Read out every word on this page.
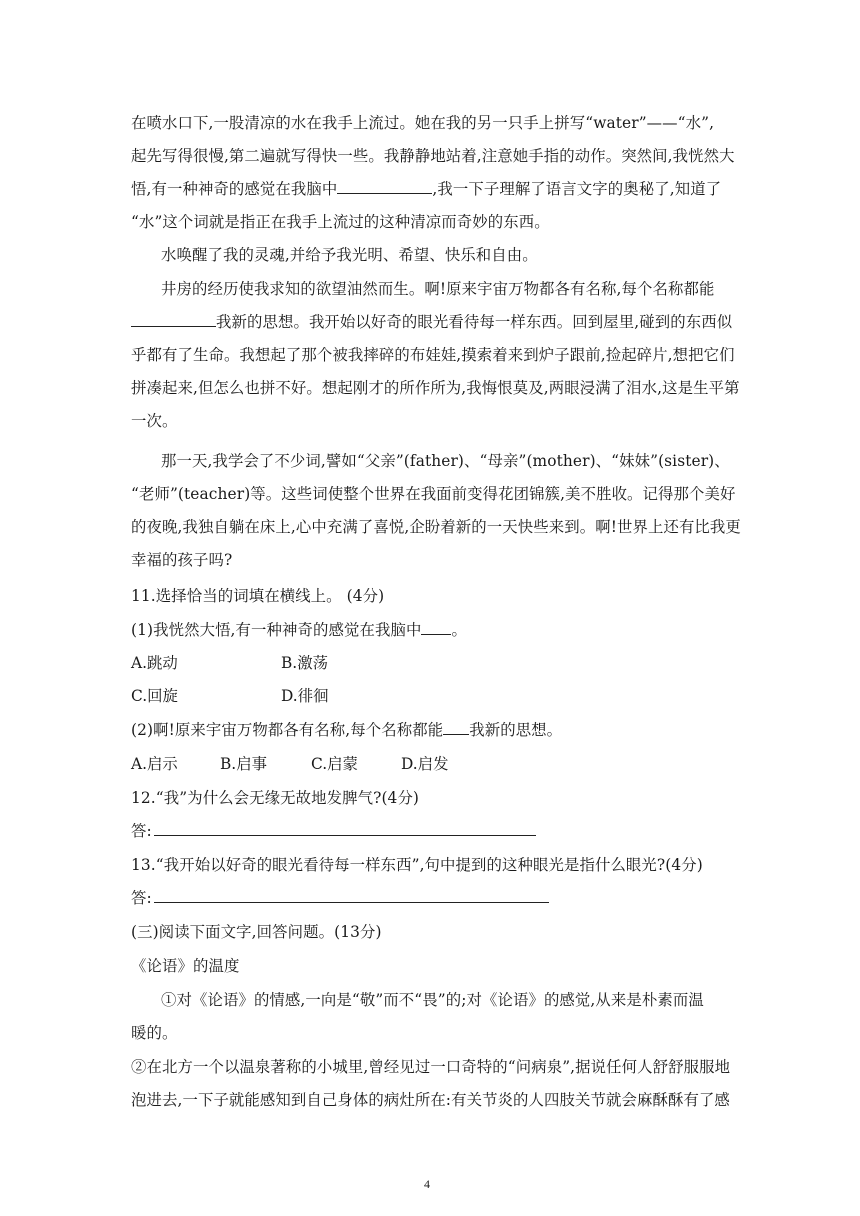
在喷水口下,一股清凉的水在我手上流过。她在我的另一只手上拼写“water”——“水”,
起先写得很慢,第二遍就写得快一些。我静静地站着,注意她手指的动作。突然间,我恍然大
悟,有一种神奇的感觉在我脑中	,我一下子理解了语言文字的奥秘了,知道了
“水”这个词就是指正在我手上流过的这种清凉而奇妙的东西。
水唤醒了我的灵魂,并给予我光明、希望、快乐和自由。
井房的经历使我求知的欲望油然而生。啊!原来宇宙万物都各有名称,每个名称都能
我新的思想。我开始以好奇的眼光看待每一样东西。回到屋里,碰到的东西似
乎都有了生命。我想起了那个被我摔碎的布娃娃,摸索着来到炉子跟前,捡起碎片,想把它们
拼凑起来,但怎么也拼不好。想起刚才的所作所为,我悔恨莫及,两眼浸满了泪水,这是生平第
一次。
那一天,我学会了不少词,譬如“父亲”(father)、“母亲”(mother)、“妹妹”(sister)、
“老师”(teacher)等。这些词使整个世界在我面前变得花团锦簇,美不胜收。记得那个美好
的夜晚,我独自躺在床上,心中充满了喜悦,企盼着新的一天快些来到。啊!世界上还有比我更
幸福的孩子吗?
11.选择恰当的词填在横线上。 (4分)
(1)我恍然大悟,有一种神奇的感觉在我脑中 。
A.跳动	B.激荡
C.回旋	D.徘徊
(2)啊!原来宇宙万物都各有名称,每个名称都能 我新的思想。
A.启示	B.启事	C.启蒙	D.启发
12.“我”为什么会无缘无故地发脾气?(4分)
答:
13.“我开始以好奇的眼光看待每一样东西”,句中提到的这种眼光是指什么眼光?(4分)
答:
(三)阅读下面文字,回答问题。(13分)
《论语》的温度
①对《论语》的情感,一向是“敬”而不“畏”的;对《论语》的感觉,从来是朴素而温
暖的。
②在北方一个以温泉著称的小城里,曾经见过一口奇特的“问病泉”,据说任何人舒舒服服地
泡进去,一下子就能感知到自己身体的病灶所在:有关节炎的人四肢关节就会麻酥酥有了感
4
